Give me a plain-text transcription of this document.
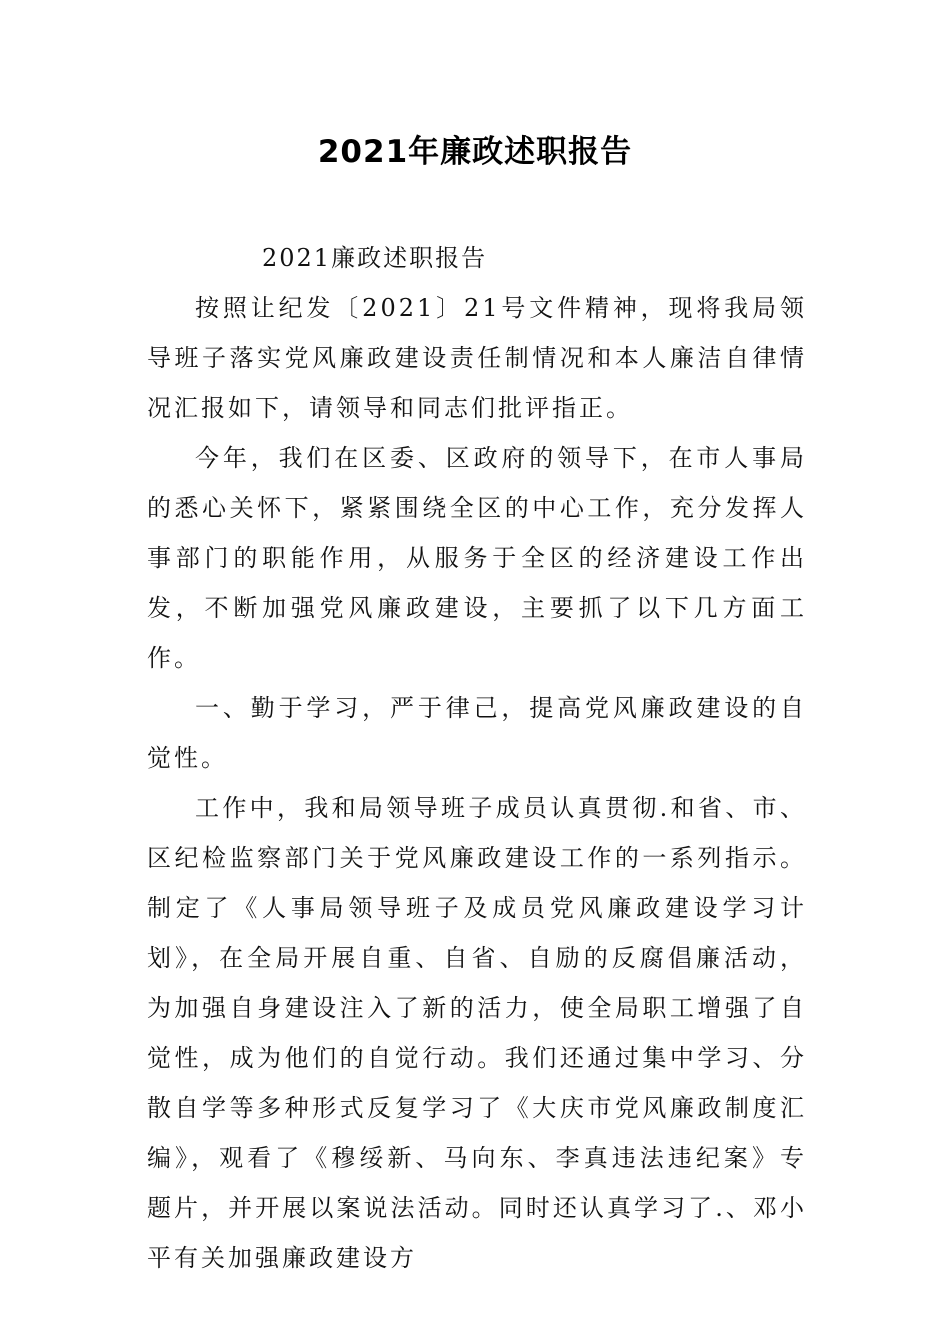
2021年廉政述职报告

2021廉政述职报告

按照让纪发〔2021〕21号文件精神，现将我局领导班子落实党风廉政建设责任制情况和本人廉洁自律情况汇报如下，请领导和同志们批评指正。

今年，我们在区委、区政府的领导下，在市人事局的悉心关怀下，紧紧围绕全区的中心工作，充分发挥人事部门的职能作用，从服务于全区的经济建设工作出发，不断加强党风廉政建设，主要抓了以下几方面工作。

一、勤于学习，严于律己，提高党风廉政建设的自觉性。

工作中，我和局领导班子成员认真贯彻.和省、市、区纪检监察部门关于党风廉政建设工作的一系列指示。制定了《人事局领导班子及成员党风廉政建设学习计划》，在全局开展自重、自省、自励的反腐倡廉活动，为加强自身建设注入了新的活力，使全局职工增强了自觉性，成为他们的自觉行动。我们还通过集中学习、分散自学等多种形式反复学习了《大庆市党风廉政制度汇编》，观看了《穆绥新、马向东、李真违法违纪案》专题片，并开展以案说法活动。同时还认真学习了.、邓小平有关加强廉政建设方
